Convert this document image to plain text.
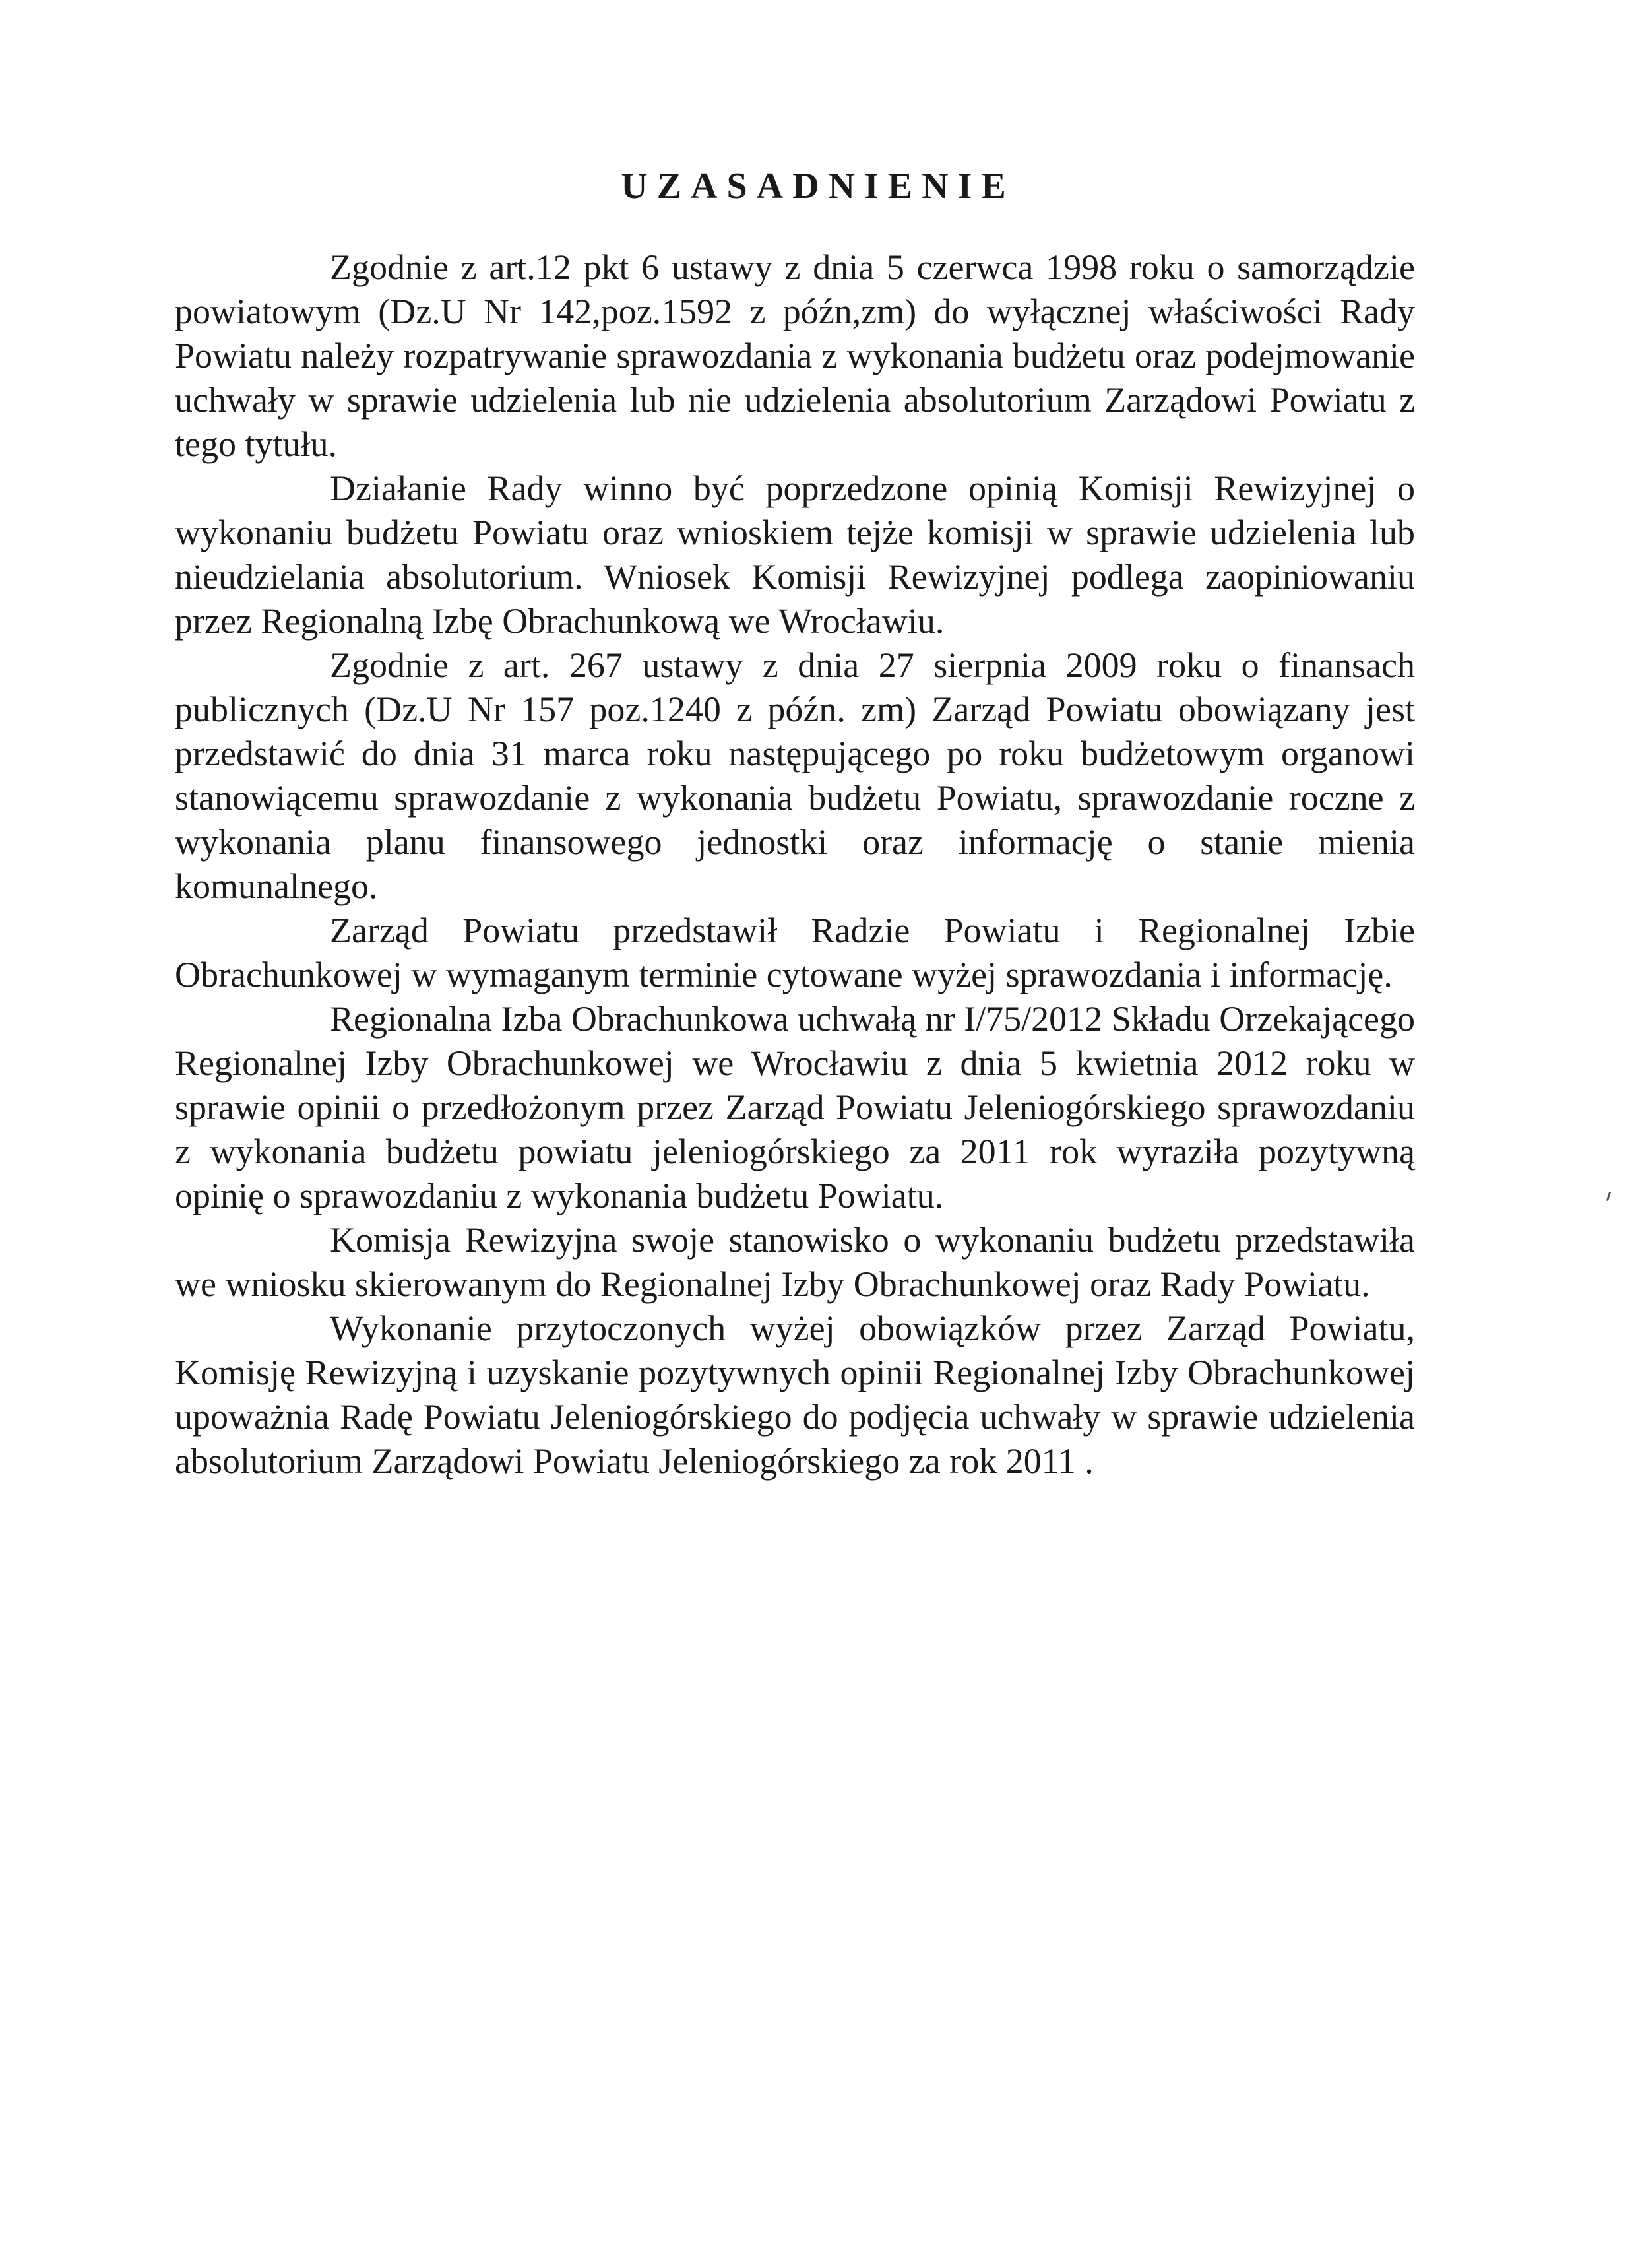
UZASADNIENIE

Zgodnie z art.12 pkt 6 ustawy z dnia 5 czerwca 1998 roku o samorządzie powiatowym (Dz.U Nr 142,poz.1592 z późn,zm) do wyłącznej właściwości Rady Powiatu należy rozpatrywanie sprawozdania z wykonania budżetu oraz podejmowanie uchwały w sprawie udzielenia lub nie udzielenia absolutorium Zarządowi Powiatu z tego tytułu.

Działanie Rady winno być poprzedzone opinią Komisji Rewizyjnej o wykonaniu budżetu Powiatu oraz wnioskiem tejże komisji w sprawie udzielenia lub nieudzielania absolutorium. Wniosek Komisji Rewizyjnej podlega zaopiniowaniu przez Regionalną Izbę Obrachunkową we Wrocławiu.

Zgodnie z art. 267 ustawy z dnia 27 sierpnia 2009 roku o finansach publicznych (Dz.U Nr 157 poz.1240 z późn. zm) Zarząd Powiatu obowiązany jest przedstawić do dnia 31 marca roku następującego po roku budżetowym organowi stanowiącemu sprawozdanie z wykonania budżetu Powiatu, sprawozdanie roczne z wykonania planu finansowego jednostki oraz informację o stanie mienia komunalnego.

Zarząd Powiatu przedstawił Radzie Powiatu i Regionalnej Izbie Obrachunkowej w wymaganym terminie cytowane wyżej sprawozdania i informację.

Regionalna Izba Obrachunkowa uchwałą nr I/75/2012 Składu Orzekającego Regionalnej Izby Obrachunkowej we Wrocławiu z dnia 5 kwietnia 2012 roku w sprawie opinii o przedłożonym przez Zarząd Powiatu Jeleniogórskiego sprawozdaniu z wykonania budżetu powiatu jeleniogórskiego za 2011 rok wyraziła pozytywną opinię o sprawozdaniu z wykonania budżetu Powiatu.

Komisja Rewizyjna swoje stanowisko o wykonaniu budżetu przedstawiła we wniosku skierowanym do Regionalnej Izby Obrachunkowej oraz Rady Powiatu.

Wykonanie przytoczonych wyżej obowiązków przez Zarząd Powiatu, Komisję Rewizyjną i uzyskanie pozytywnych opinii Regionalnej Izby Obrachunkowej upoważnia Radę Powiatu Jeleniogórskiego do podjęcia uchwały w sprawie udzielenia absolutorium Zarządowi Powiatu Jeleniogórskiego za rok 2011 .
